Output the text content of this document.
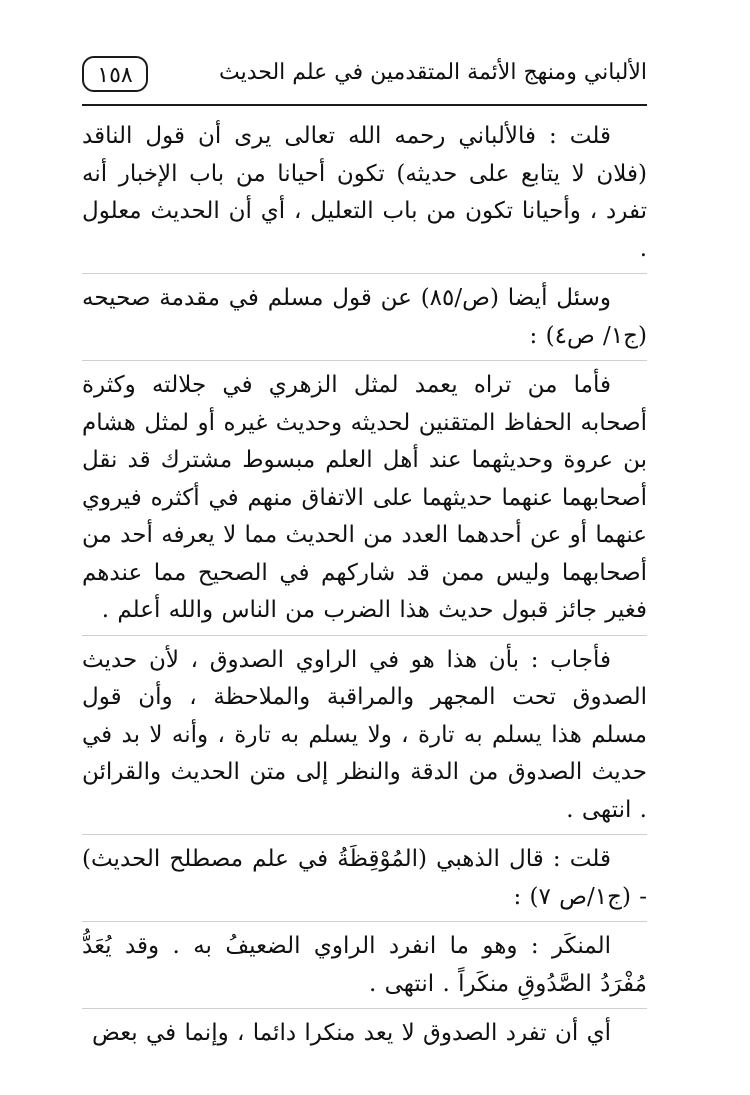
١٥٨	الألباني ومنهج الأئمة المتقدمين في علم الحديث

قلت : فالألباني رحمه الله تعالى يرى أن قول الناقد (فلان لا يتابع على حديثه) تكون أحيانا من باب الإخبار أنه تفرد ، وأحيانا تكون من باب التعليل ، أي أن الحديث معلول .

وسئل أيضا (ص/٨٥) عن قول مسلم في مقدمة صحيحه (ج١/ ص٤) :

فأما من تراه يعمد لمثل الزهري في جلالته وكثرة أصحابه الحفاظ المتقنين لحديثه وحديث غيره أو لمثل هشام بن عروة وحديثهما عند أهل العلم مبسوط مشترك قد نقل أصحابهما عنهما حديثهما على الاتفاق منهم في أكثره فيروي عنهما أو عن أحدهما العدد من الحديث مما لا يعرفه أحد من أصحابهما وليس ممن قد شاركهم في الصحيح مما عندهم فغير جائز قبول حديث هذا الضرب من الناس والله أعلم .

فأجاب : بأن هذا هو في الراوي الصدوق ، لأن حديث الصدوق تحت المجهر والمراقبة والملاحظة ، وأن قول مسلم هذا يسلم به تارة ، ولا يسلم به تارة ، وأنه لا بد في حديث الصدوق من الدقة والنظر إلى متن الحديث والقرائن . انتهى .

قلت : قال الذهبي (المُوْقِظَةُ في علم مصطلح الحديث) - (ج١/ص ٧) :

المنكَر : وهو ما انفرد الراوي الضعيفُ به . وقد يُعَدُّ مُفْرَدُ الصَّدُوقِ منكَراً . انتهى .

أي أن تفرد الصدوق لا يعد منكرا دائما ، وإنما في بعض
